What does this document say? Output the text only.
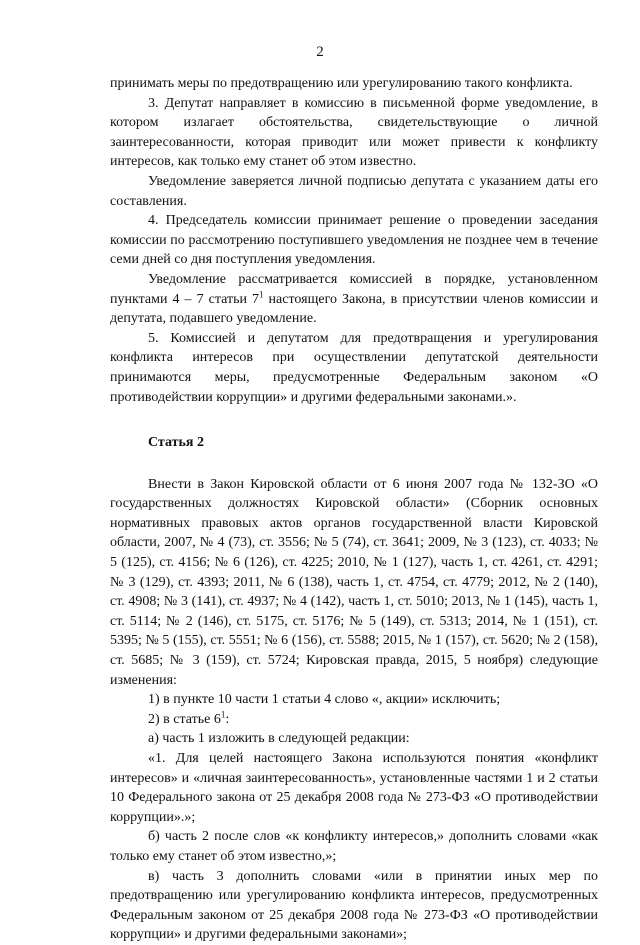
2

принимать меры по предотвращению или урегулированию такого конфликта.

3. Депутат направляет в комиссию в письменной форме уведомление, в котором излагает обстоятельства, свидетельствующие о личной заинтересованности, которая приводит или может привести к конфликту интересов, как только ему станет об этом известно.

Уведомление заверяется личной подписью депутата с указанием даты его составления.

4. Председатель комиссии принимает решение о проведении заседания комиссии по рассмотрению поступившего уведомления не позднее чем в течение семи дней со дня поступления уведомления.

Уведомление рассматривается комиссией в порядке, установленном пунктами 4 – 7 статьи $7^1$ настоящего Закона, в присутствии членов комиссии и депутата, подавшего уведомление.

5. Комиссией и депутатом для предотвращения и урегулирования конфликта интересов при осуществлении депутатской деятельности принимаются меры, предусмотренные Федеральным законом «О противодействии коррупции» и другими федеральными законами.».

Статья 2

Внести в Закон Кировской области от 6 июня 2007 года № 132-ЗО «О государственных должностях Кировской области» (Сборник основных нормативных правовых актов органов государственной власти Кировской области, 2007, № 4 (73), ст. 3556; № 5 (74), ст. 3641; 2009, № 3 (123), ст. 4033; № 5 (125), ст. 4156; № 6 (126), ст. 4225; 2010, № 1 (127), часть 1, ст. 4261, ст. 4291; № 3 (129), ст. 4393; 2011, № 6 (138), часть 1, ст. 4754, ст. 4779; 2012, № 2 (140), ст. 4908; № 3 (141), ст. 4937; № 4 (142), часть 1, ст. 5010; 2013, № 1 (145), часть 1, ст. 5114; № 2 (146), ст. 5175, ст. 5176; № 5 (149), ст. 5313; 2014, № 1 (151), ст. 5395; № 5 (155), ст. 5551; № 6 (156), ст. 5588; 2015, № 1 (157), ст. 5620; № 2 (158), ст. 5685; № 3 (159), ст. 5724; Кировская правда, 2015, 5 ноября) следующие изменения:

1) в пункте 10 части 1 статьи 4 слово «, акции» исключить;

2) в статье $6^1$:

а) часть 1 изложить в следующей редакции:

«1. Для целей настоящего Закона используются понятия «конфликт интересов» и «личная заинтересованность», установленные частями 1 и 2 статьи 10 Федерального закона от 25 декабря 2008 года № 273-ФЗ «О противодействии коррупции».»;

б) часть 2 после слов «к конфликту интересов,» дополнить словами «как только ему станет об этом известно,»;

в) часть 3 дополнить словами «или в принятии иных мер по предотвращению или урегулированию конфликта интересов, предусмотренных Федеральным законом от 25 декабря 2008 года № 273-ФЗ «О противодействии коррупции» и другими федеральными законами»;
